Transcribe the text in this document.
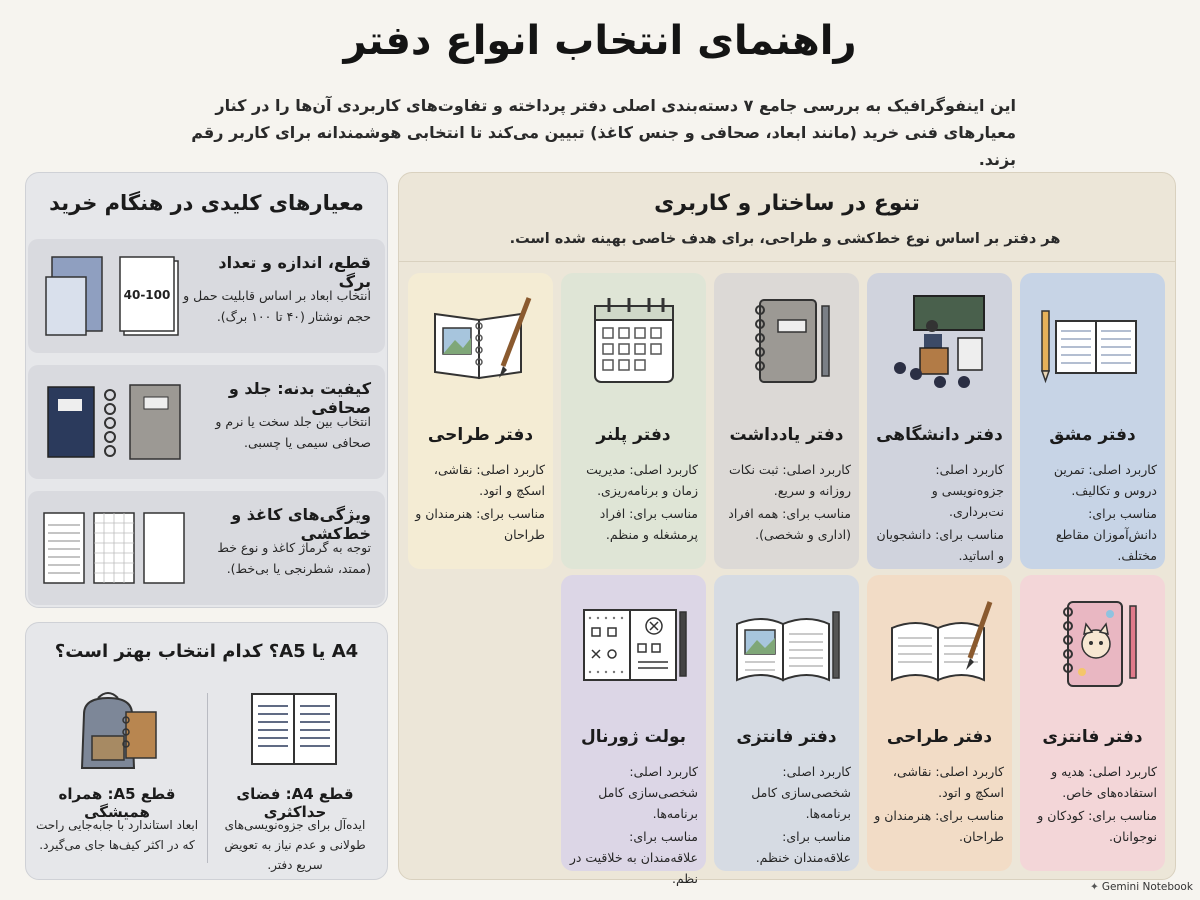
راهنمای انتخاب انواع دفتر
این اینفوگرافیک به بررسی جامع ۷ دسته‌بندی اصلی دفتر پرداخته و تفاوت‌های کاربردی آن‌ها را در کنار معیارهای فنی خرید (مانند ابعاد، صحافی و جنس کاغذ) تبیین می‌کند تا انتخابی هوشمندانه برای کاربر رقم بزند.
تنوع در ساختار و کاربری
هر دفتر بر اساس نوع خط‌کشی و طراحی، برای هدف خاصی بهینه شده است.
دفتر مشق

کاربرد اصلی: تمرین دروس و تکالیف.

مناسب برای: دانش‌آموزان مقاطع مختلف.

دفتر دانشگاهی

کاربرد اصلی: جزوه‌نویسی و نت‌برداری.

مناسب برای: دانشجویان و اساتید.

دفتر یادداشت

کاربرد اصلی: ثبت نکات روزانه و سریع.

مناسب برای: همه افراد (اداری و شخصی).

دفتر پلنر

کاربرد اصلی: مدیریت زمان و برنامه‌ریزی.

مناسب برای: افراد پرمشغله و منظم.

دفتر طراحی

کاربرد اصلی: نقاشی، اسکچ و اتود.

مناسب برای: هنرمندان و طراحان

دفتر فانتزی

کاربرد اصلی: هدیه و استفاده‌های خاص.

مناسب برای: کودکان و نوجوانان.

دفتر طراحی

کاربرد اصلی: نقاشی، اسکچ و اتود.

مناسب برای: هنرمندان و طراحان.

دفتر فانتزی

کاربرد اصلی: شخصی‌سازی کامل برنامه‌ها.

مناسب برای: علاقه‌مندان خنظم.

بولت ژورنال

کاربرد اصلی: شخصی‌سازی کامل برنامه‌ها.

مناسب برای: علاقه‌مندان به خلاقیت در نظم.

معیارهای کلیدی در هنگام خرید
40-100
قطع، اندازه و تعداد برگ
انتخاب ابعاد بر اساس قابلیت حمل و حجم نوشتار (۴۰ تا ۱۰۰ برگ).
کیفیت بدنه: جلد و صحافی
انتخاب بین جلد سخت یا نرم و صحافی سیمی یا چسبی.
ویژگی‌های کاغذ و خط‌کشی
توجه به گرماژ کاغذ و نوع خط (ممتد، شطرنجی یا بی‌خط).
A4 یا A5؟ کدام انتخاب بهتر است؟
قطع A4: فضای حداکثری
ایده‌آل برای جزوه‌نویسی‌های طولانی و عدم نیاز به تعویض سریع دفتر.
قطع A5: همراه همیشگی
ابعاد استاندارد با جابه‌جایی راحت که در اکثر کیف‌ها جای می‌گیرد.
✦ Gemini Notebook
